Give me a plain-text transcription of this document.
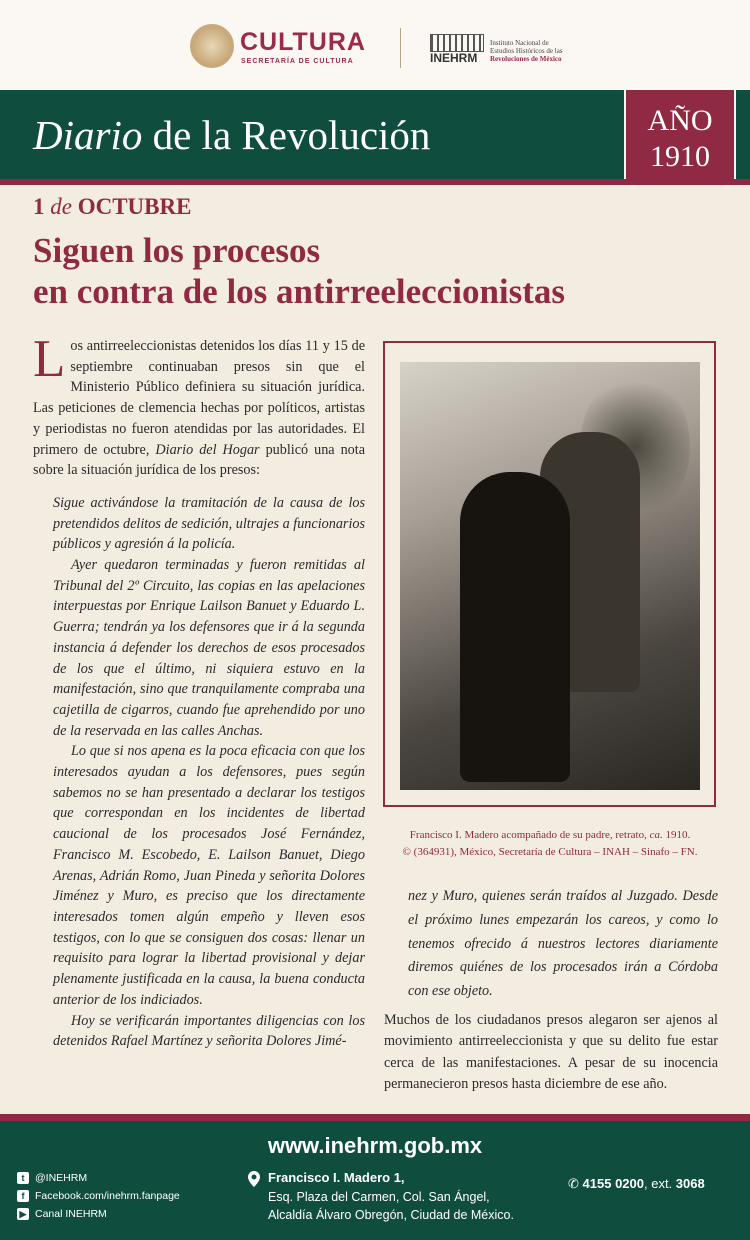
CULTURA
SECRETARÍA DE CULTURA	INEHRM
Instituto Nacional de
Estudios Históricos de las
Revoluciones de México
Diario de la Revolución	AÑO
1910
1 de OCTUBRE
Siguen los procesos
en contra de los antirreeleccionistas

Los antirreeleccionistas detenidos los días 11 y 15 de septiembre continuaban presos sin que el Ministerio Público definiera su situación jurídica. Las peticiones de clemencia hechas por políticos, artistas y periodistas no fueron atendidas por las autoridades. El primero de octubre, Diario del Hogar publicó una nota sobre la situación jurídica de los presos:

Sigue activándose la tramitación de la causa de los pretendidos delitos de sedición, ultrajes a funcionarios públicos y agresión á la policía.

Ayer quedaron terminadas y fueron remitidas al Tribunal del 2º Circuito, las copias en las apelaciones interpuestas por Enrique Lailson Banuet y Eduardo L. Guerra; tendrán ya los defensores que ir á la segunda instancia á defender los derechos de esos procesados de los que el último, ni siquiera estuvo en la manifestación, sino que tranquilamente compraba una cajetilla de cigarros, cuando fue aprehendido por uno de la reservada en las calles Anchas.

Lo que si nos apena es la poca eficacia con que los interesados ayudan a los defensores, pues según sabemos no se han presentado a declarar los testigos que correspondan en los incidentes de libertad caucional de los procesados José Fernández, Francisco M. Escobedo, E. Lailson Banuet, Diego Arenas, Adrián Romo, Juan Pineda y señorita Dolores Jiménez y Muro, es preciso que los directamente interesados tomen algún empeño y lleven esos testigos, con lo que se consiguen dos cosas: llenar un requisito para lograr la libertad provisional y dejar plenamente justificada en la causa, la buena conducta anterior de los indiciados.

Hoy se verificarán importantes diligencias con los detenidos Rafael Martínez y señorita Dolores Jimé-

Francisco I. Madero acompañado de su padre, retrato, ca. 1910.
© (364931), México, Secretaría de Cultura – INAH – Sinafo – FN.
nez y Muro, quienes serán traídos al Juzgado. Desde el próximo lunes empezarán los careos, y como lo tenemos ofrecido á nuestros lectores diariamente diremos quiénes de los procesados irán a Córdoba con ese objeto.
Muchos de los ciudadanos presos alegaron ser ajenos al movimiento antirreeleccionista y que su delito fue estar cerca de las manifestaciones. A pesar de su inocencia permanecieron presos hasta diciembre de ese año.
www.inehrm.gob.mx
t	@INEHRM
f	Facebook.com/inehrm.fanpage
▶ Canal INEHRM
Francisco I. Madero 1,
Esq. Plaza del Carmen, Col. San Ángel,
Alcaldía Álvaro Obregón, Ciudad de México.
✆ 4155 0200, ext. 3068
